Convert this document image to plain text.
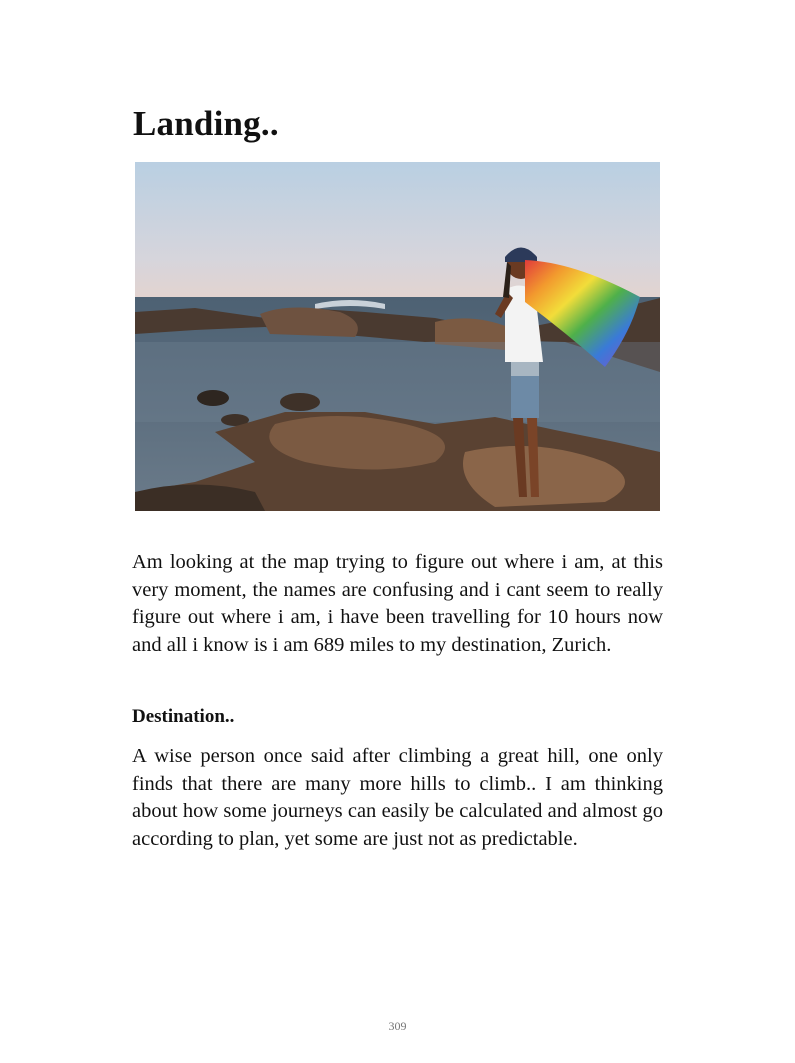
Landing..

Am looking at the map trying to figure out where i am, at this very moment, the names are confusing and i cant seem to really figure out where i am, i have been travelling for 10 hours now and all i know is i am 689 miles to my destination, Zurich.

Destination..

A wise person once said after climbing a great hill, one only finds that there are many more hills to climb.. I am thinking about how some journeys can easily be calculated and almost go according to plan, yet some are just not as predictable.

309
